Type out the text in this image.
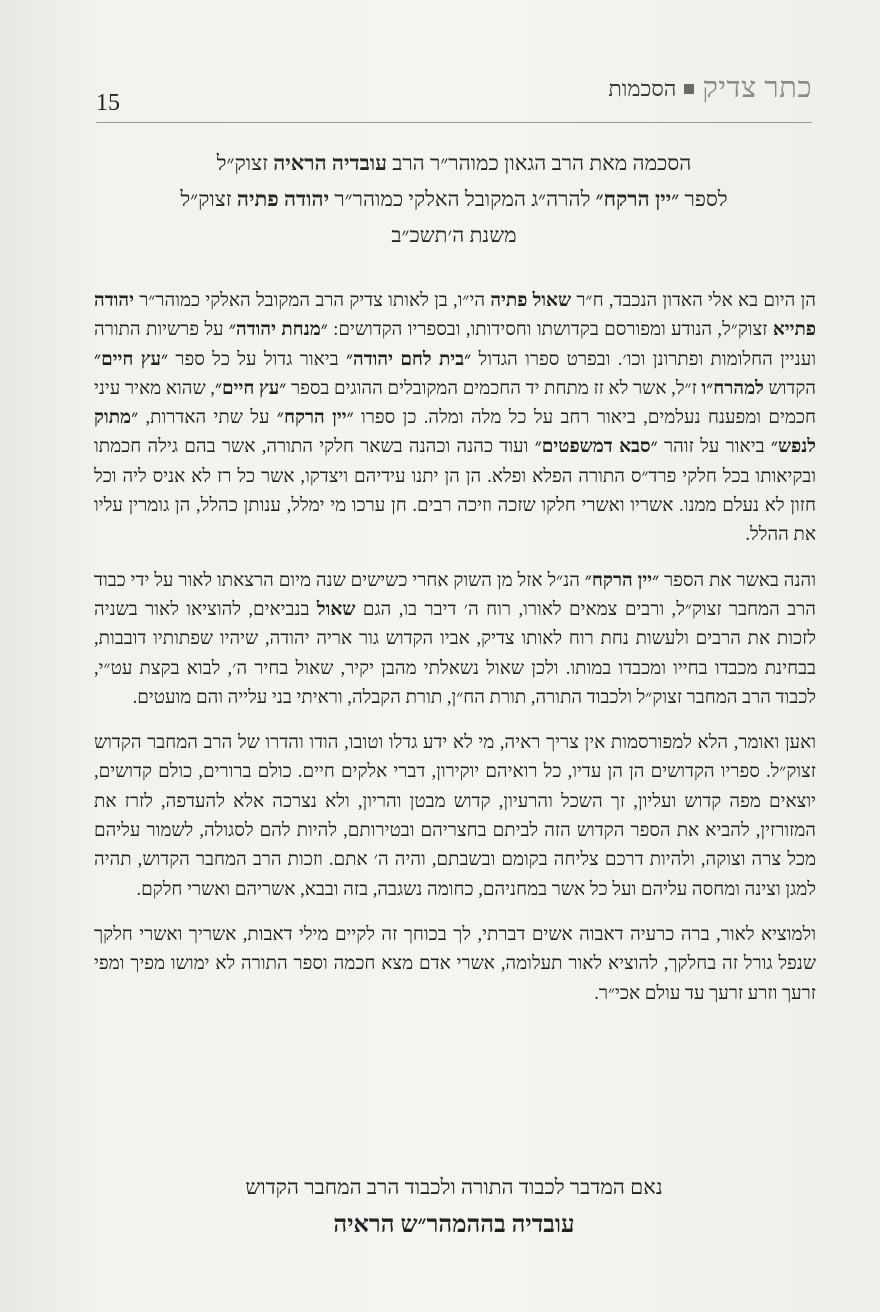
15	כתר צדיק
הסכמות
הסכמה מאת הרב הגאון כמוהר״ר הרב עובדיה הראיה זצוק״ל
לספר ״יין הרקח״ להרה״ג המקובל האלקי כמוהר״ר יהודה פתיה זצוק״ל
משנת ה׳תשכ״ב

הן היום בא אלי האדון הנכבד, ח״ר שאול פתיה הי״ו, בן לאותו צדיק הרב המקובל האלקי כמוהר״ר יהודה פתייא זצוק״ל, הנודע ומפורסם בקדושתו וחסידותו, ובספריו הקדושים: ״מנחת יהודה״ על פרשיות התורה ועניין החלומות ופתרונן וכו׳. ובפרט ספרו הגדול ״בית לחם יהודה״ ביאור גדול על כל ספר ״עץ חיים״ הקדוש למהרח״ו ז״ל, אשר לא זז מתחת יד החכמים המקובלים ההוגים בספר ״עץ חיים״, שהוא מאיר עיני חכמים ומפענח נעלמים, ביאור רחב על כל מלה ומלה. כן ספרו ״יין הרקח״ על שתי האדרות, ״מתוק לנפש״ ביאור על זוהר ״סבא דמשפטים״ ועוד כהנה וכהנה בשאר חלקי התורה, אשר בהם גילה חכמתו ובקיאותו בכל חלקי פרד״ס התורה הפלא ופלא. הן הן יתנו עידיהם ויצדקו, אשר כל רז לא אניס ליה וכל חזון לא נעלם ממנו. אשריו ואשרי חלקו שזכה וזיכה רבים. חן ערכו מי ימלל, ענותן כהלל, הן גומרין עליו את ההלל.

והנה באשר את הספר ״יין הרקח״ הנ״ל אזל מן השוק אחרי כשישים שנה מיום הרצאתו לאור על ידי כבוד הרב המחבר זצוק״ל, ורבים צמאים לאורו, רוח ה׳ דיבר בו, הגם שאול בנביאים, להוציאו לאור בשניה לזכות את הרבים ולעשות נחת רוח לאותו צדיק, אביו הקדוש גור אריה יהודה, שיהיו שפתותיו דובבות, בבחינת מכבדו בחייו ומכבדו במותו. ולכן שאול נשאלתי מהבן יקיר, שאול בחיר ה׳, לבוא בקצת עט״י, לכבוד הרב המחבר זצוק״ל ולכבוד התורה, תורת הח״ן, תורת הקבלה, וראיתי בני עלייה והם מועטים.

ואען ואומר, הלא למפורסמות אין צריך ראיה, מי לא ידע גדלו וטובו, הודו והדרו של הרב המחבר הקדוש זצוק״ל. ספריו הקדושים הן הן עדיו, כל רואיהם יוקירון, דברי אלקים חיים. כולם ברורים, כולם קדושים, יוצאים מפה קדוש ועליון, זך השכל והרעיון, קדוש מבטן והריון, ולא נצרכה אלא להעדפה, לזרז את המזורזין, להביא את הספר הקדוש הזה לביתם בחצריהם ובטירותם, להיות להם לסגולה, לשמור עליהם מכל צרה וצוקה, ולהיות דרכם צליחה בקומם ובשבתם, והיה ה׳ אתם. וזכות הרב המחבר הקדוש, תהיה למגן וצינה ומחסה עליהם ועל כל אשר במחניהם, כחומה נשגבה, בזה ובבא, אשריהם ואשרי חלקם.

ולמוציא לאור, ברה כרעיה דאבוה אשים דברתי, לך בכוחך זה לקיים מילי דאבות, אשריך ואשרי חלקך שנפל גורל זה בחלקך, להוציא לאור תעלומה, אשרי אדם מצא חכמה וספר התורה לא ימושו מפיך ומפי זרעך וזרע זרעך עד עולם אכי״ר.

נאם המדבר לכבוד התורה ולכבוד הרב המחבר הקדוש
עובדיה בההמהר״ש הראיה
